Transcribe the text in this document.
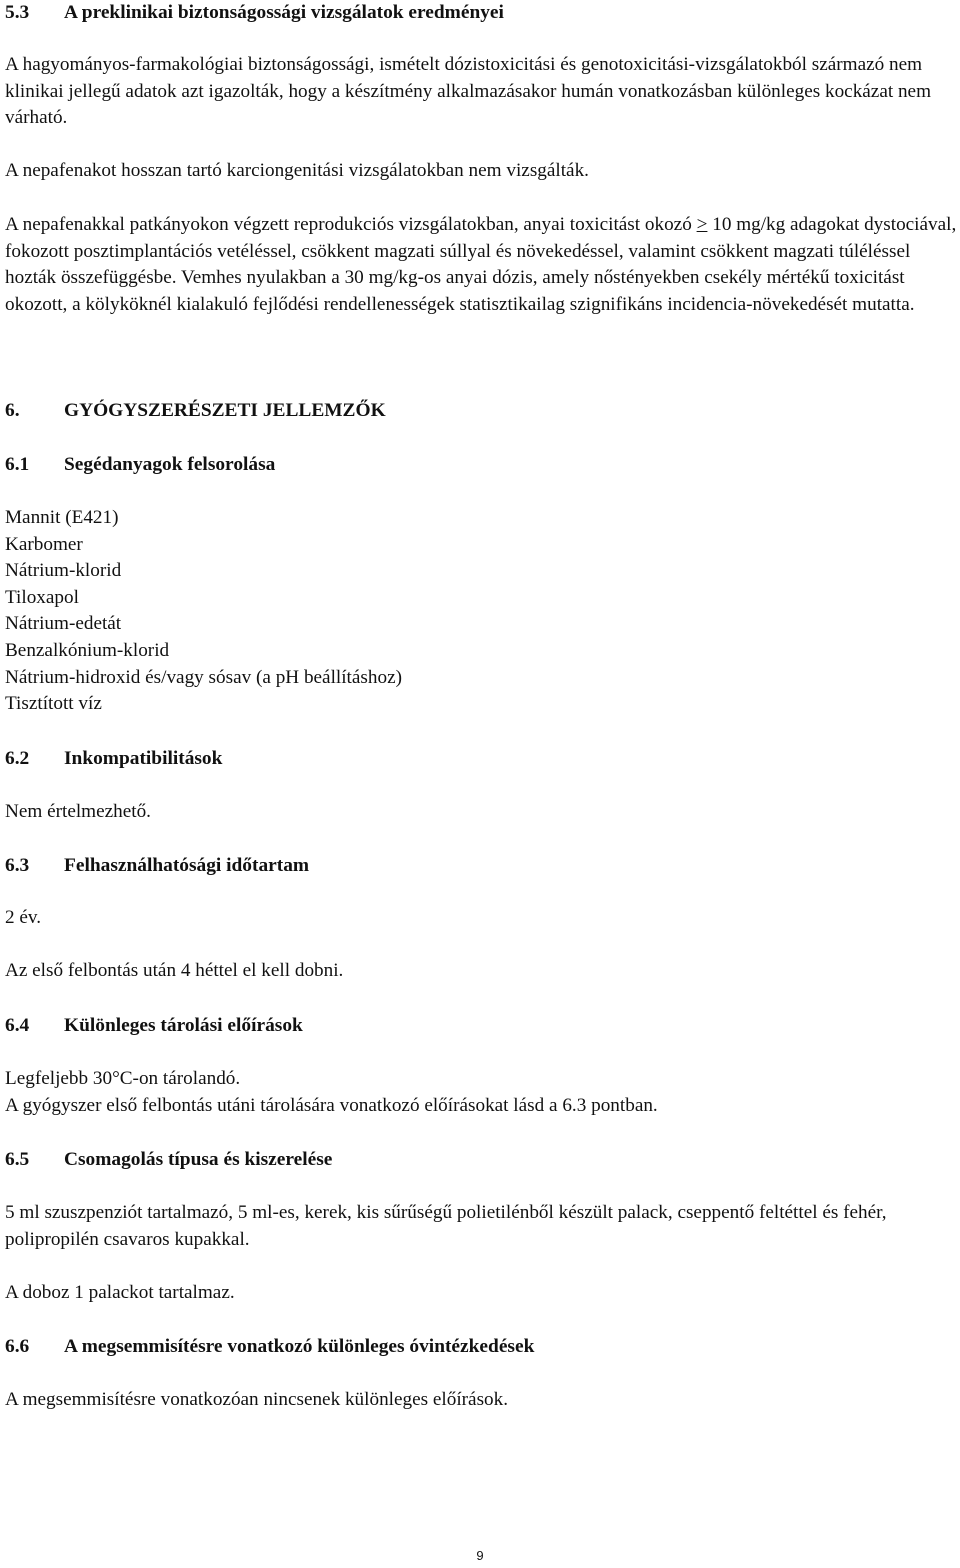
5.3 A preklinikai biztonságossági vizsgálatok eredményei

A hagyományos-farmakológiai biztonságossági, ismételt dózistoxicitási és genotoxicitási-vizsgálatokból származó nem klinikai jellegű adatok azt igazolták, hogy a készítmény alkalmazásakor humán vonatkozásban különleges kockázat nem várható.

A nepafenakot hosszan tartó karciongenitási vizsgálatokban nem vizsgálták.

A nepafenakkal patkányokon végzett reprodukciós vizsgálatokban, anyai toxicitást okozó ≥ 10 mg/kg adagokat dystociával, fokozott posztimplantációs vetéléssel, csökkent magzati súllyal és növekedéssel, valamint csökkent magzati túléléssel hozták összefüggésbe. Vemhes nyulakban a 30 mg/kg-os anyai dózis, amely nőstényekben csekély mértékű toxicitást okozott, a kölyköknél kialakuló fejlődési rendellenességek statisztikailag szignifikáns incidencia-növekedését mutatta.

6. GYÓGYSZERÉSZETI JELLEMZŐK
6.1 Segédanyagok felsorolása
Mannit (E421)
Karbomer
Nátrium-klorid
Tiloxapol
Nátrium-edetát
Benzalkónium-klorid
Nátrium-hidroxid és/vagy sósav (a pH beállításhoz)
Tisztított víz
6.2 Inkompatibilitások

Nem értelmezhető.

6.3 Felhasználhatósági időtartam

2 év.

Az első felbontás után 4 héttel el kell dobni.

6.4 Különleges tárolási előírások

Legfeljebb 30°C-on tárolandó.

A gyógyszer első felbontás utáni tárolására vonatkozó előírásokat lásd a 6.3 pontban.

6.5 Csomagolás típusa és kiszerelése

5 ml szuszpenziót tartalmazó, 5 ml-es, kerek, kis sűrűségű polietilénből készült palack, cseppentő feltéttel és fehér, polipropilén csavaros kupakkal.

A doboz 1 palackot tartalmaz.

6.6 A megsemmisítésre vonatkozó különleges óvintézkedések

A megsemmisítésre vonatkozóan nincsenek különleges előírások.

9
